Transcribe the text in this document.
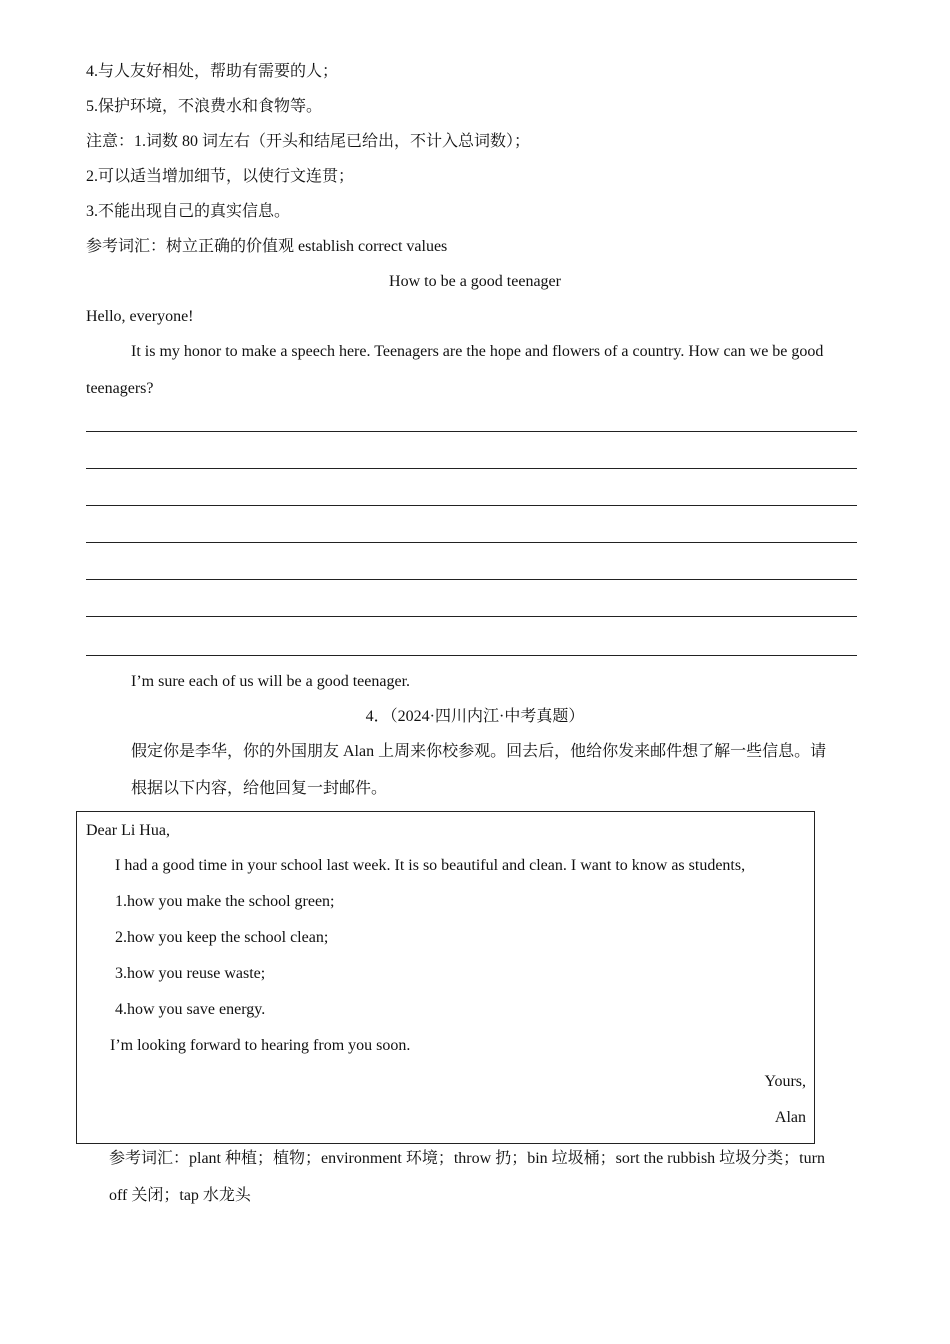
4.与人友好相处，帮助有需要的人；
5.保护环境，不浪费水和食物等。
注意：1.词数 80 词左右（开头和结尾已给出，不计入总词数）；
2.可以适当增加细节，以使行文连贯；
3.不能出现自己的真实信息。
参考词汇：树立正确的价值观 establish correct values
How to be a good teenager
Hello, everyone!
It is my honor to make a speech here. Teenagers are the hope and flowers of a country. How can we be good
teenagers?
I’m sure each of us will be a good teenager.
4．（2024·四川内江·中考真题）
假定你是李华，你的外国朋友 Alan 上周来你校参观。回去后，他给你发来邮件想了解一些信息。请
根据以下内容，给他回复一封邮件。
Dear Li Hua,
I had a good time in your school last week. It is so beautiful and clean. I want to know as students,
1.how you make the school green;
2.how you keep the school clean;
3.how you reuse waste;
4.how you save energy.
I’m looking forward to hearing from you soon.
Yours,
Alan
参考词汇：plant 种植；植物；environment 环境；throw 扔；bin 垃圾桶；sort the rubbish 垃圾分类；turn
off 关闭；tap 水龙头
